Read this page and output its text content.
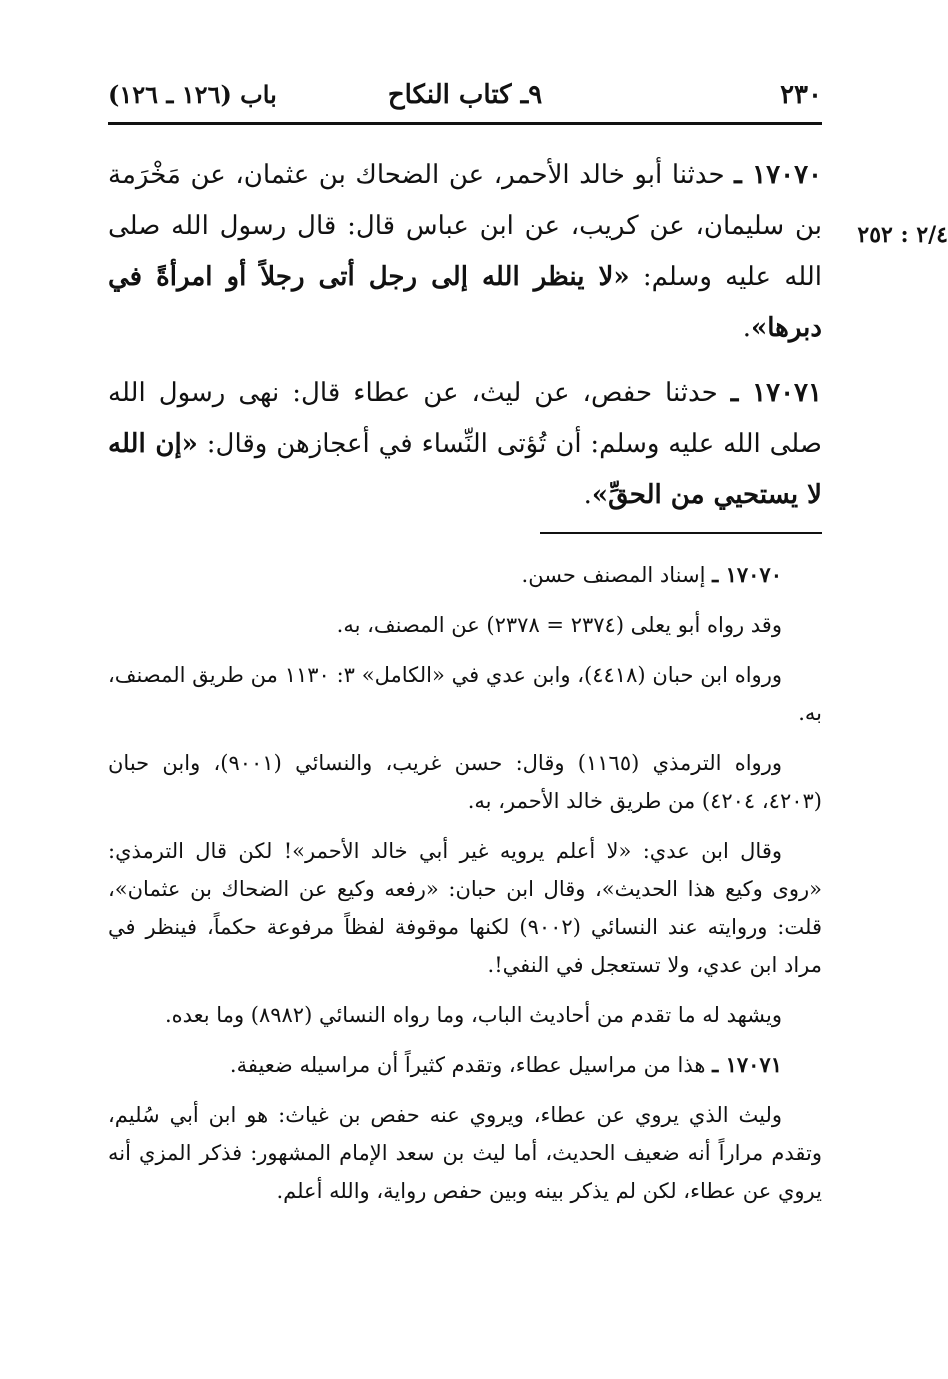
٢٣٠
٩ـ كتاب النكاح
باب (١٢٦ ـ ١٢٦)
٢/٤ : ٢٥٢

١٧٠٧٠ ـ حدثنا أبو خالد الأحمر، عن الضحاك بن عثمان، عن مَخْرَمة بن سليمان، عن كريب، عن ابن عباس قال: قال رسول الله صلى الله عليه وسلم: «لا ينظر الله إلى رجل أتى رجلاً أو امرأةً في دبرها».

١٧٠٧١ ـ حدثنا حفص، عن ليث، عن عطاء قال: نهى رسول الله صلى الله عليه وسلم: أن تُؤتى النِّساء في أعجازهن وقال: «إن الله لا يستحيي من الحقِّ».

١٧٠٧٠ ـ إسناد المصنف حسن.

وقد رواه أبو يعلى (٢٣٧٤ = ٢٣٧٨) عن المصنف، به.

ورواه ابن حبان (٤٤١٨)، وابن عدي في «الكامل» ٣: ١١٣٠ من طريق المصنف، به.

ورواه الترمذي (١١٦٥) وقال: حسن غريب، والنسائي (٩٠٠١)، وابن حبان (٤٢٠٣، ٤٢٠٤) من طريق خالد الأحمر، به.

وقال ابن عدي: «لا أعلم يرويه غير أبي خالد الأحمر»! لكن قال الترمذي: «روى وكيع هذا الحديث»، وقال ابن حبان: «رفعه وكيع عن الضحاك بن عثمان»، قلت: وروايته عند النسائي (٩٠٠٢) لكنها موقوفة لفظاً مرفوعة حكماً، فينظر في مراد ابن عدي، ولا تستعجل في النفي!.

ويشهد له ما تقدم من أحاديث الباب، وما رواه النسائي (٨٩٨٢) وما بعده.

١٧٠٧١ ـ هذا من مراسيل عطاء، وتقدم كثيراً أن مراسيله ضعيفة.

وليث الذي يروي عن عطاء، ويروي عنه حفص بن غياث: هو ابن أبي سُليم، وتقدم مراراً أنه ضعيف الحديث، أما ليث بن سعد الإمام المشهور: فذكر المزي أنه يروي عن عطاء، لكن لم يذكر بينه وبين حفص رواية، والله أعلم.
